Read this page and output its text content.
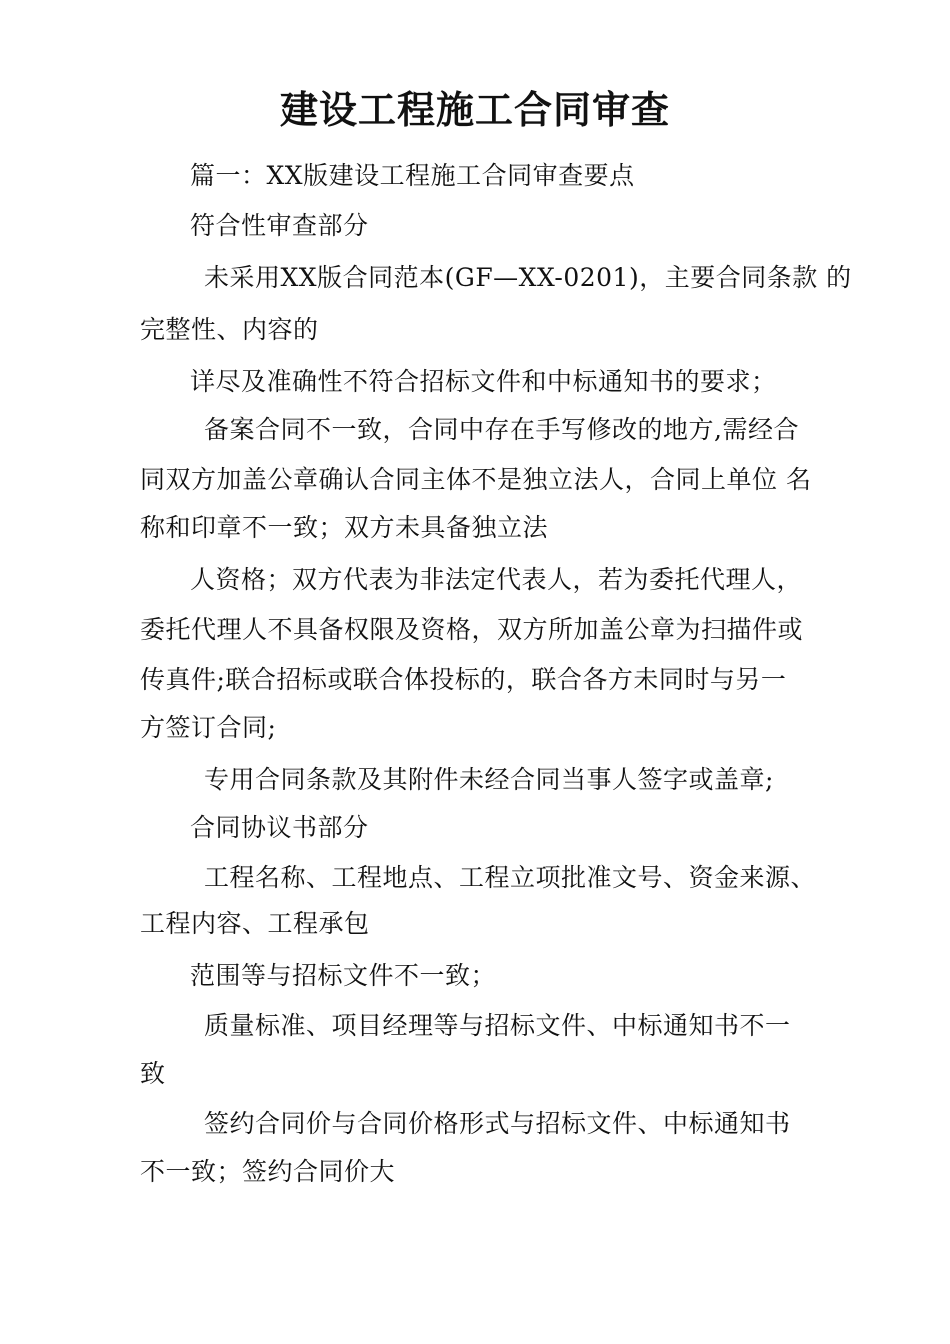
建设工程施工合同审查
篇一：XX版建设工程施工合同审查要点
符合性审查部分
未采用XX版合同范本(GF—XX-0201)，主要合同条款 的
完整性、内容的
详尽及准确性不符合招标文件和中标通知书的要求；
备案合同不一致，合同中存在手写修改的地方,需经合
同双方加盖公章确认合同主体不是独立法人，合同上单位 名
称和印章不一致；双方未具备独立法
人资格；双方代表为非法定代表人，若为委托代理人，
委托代理人不具备权限及资格，双方所加盖公章为扫描件或
传真件;联合招标或联合体投标的，联合各方未同时与另一
方签订合同;
专用合同条款及其附件未经合同当事人签字或盖章;
合同协议书部分
工程名称、工程地点、工程立项批准文号、资金来源、
工程内容、工程承包
范围等与招标文件不一致；
质量标准、项目经理等与招标文件、中标通知书不一
致
签约合同价与合同价格形式与招标文件、中标通知书
不一致；签约合同价大
